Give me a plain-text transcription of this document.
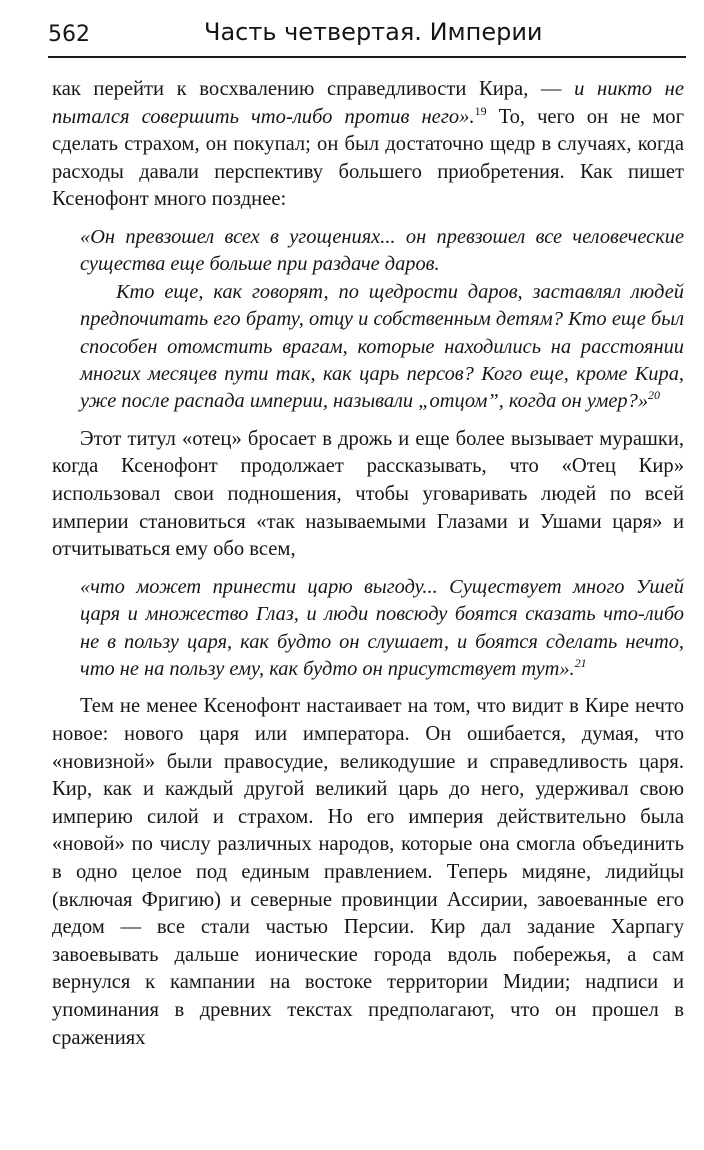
562	Часть четвертая. Империи

как перейти к восхвалению справедливости Кира, — и никто не пытался совершить что-либо против него».$^{19}$ То, чего он не мог сделать страхом, он покупал; он был достаточно щедр в случаях, когда расходы давали перспективу большего приобретения. Как пишет Ксенофонт много позднее:

«Он превзошел всех в угощениях... он превзошел все человеческие существа еще больше при раздаче даров.

Кто еще, как говорят, по щедрости даров, заставлял людей предпочитать его брату, отцу и собственным детям? Кто еще был способен отомстить врагам, которые находились на расстоянии многих месяцев пути так, как царь персов? Кого еще, кроме Кира, уже после распада империи, называли „отцом”, когда он умер?»$^{20}$

Этот титул «отец» бросает в дрожь и еще более вызывает мурашки, когда Ксенофонт продолжает рассказывать, что «Отец Кир» использовал свои подношения, чтобы уговаривать людей по всей империи становиться «так называемыми Глазами и Ушами царя» и отчитываться ему обо всем,

«что может принести царю выгоду... Существует много Ушей царя и множество Глаз, и люди повсюду боятся сказать что-либо не в пользу царя, как будто он слушает, и боятся сделать нечто, что не на пользу ему, как будто он присутствует тут».$^{21}$

Тем не менее Ксенофонт настаивает на том, что видит в Кире нечто новое: нового царя или императора. Он ошибается, думая, что «новизной» были правосудие, великодушие и справедливость царя. Кир, как и каждый другой великий царь до него, удерживал свою империю силой и страхом. Но его империя действительно была «новой» по числу различных народов, которые она смогла объединить в одно целое под единым правлением. Теперь мидяне, лидийцы (включая Фригию) и северные провинции Ассирии, завоеванные его дедом — все стали частью Персии. Кир дал задание Харпагу завоевывать дальше ионические города вдоль побережья, а сам вернулся к кампании на востоке территории Мидии; надписи и упоминания в древних текстах предполагают, что он прошел в сражениях
